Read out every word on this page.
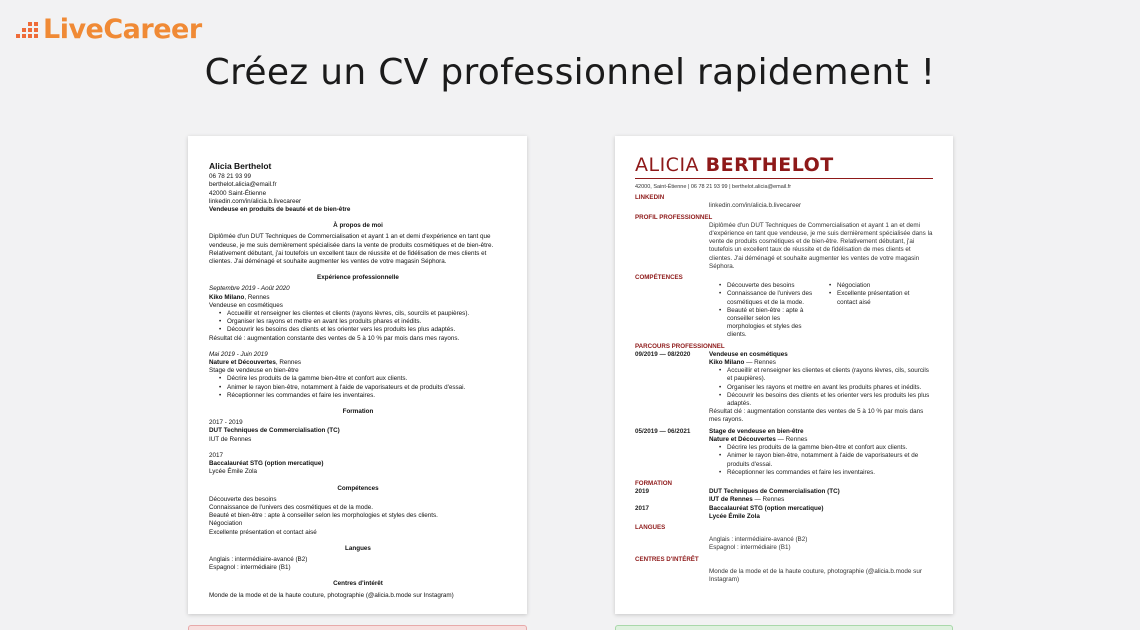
LiveCareer
Créez un CV professionnel rapidement !
Alicia Berthelot
06 78 21 93 99
berthelot.alicia@email.fr
42000 Saint-Étienne
linkedin.com/in/alicia.b.livecareer
Vendeuse en produits de beauté et de bien-être
À propos de moi
Diplômée d'un DUT Techniques de Commercialisation et ayant 1 an et demi d'expérience en tant que vendeuse, je me suis dernièrement spécialisée dans la vente de produits cosmétiques et de bien-être. Relativement débutant, j'ai toutefois un excellent taux de réussite et de fidélisation de mes clients et clientes. J'ai déménagé et souhaite augmenter les ventes de votre magasin Séphora.
Expérience professionnelle
Septembre 2019 - Août 2020
Kiko Milano, Rennes
Vendeuse en cosmétiques
• Accueillir et renseigner les clientes et clients (rayons lèvres, cils, sourcils et paupières).
• Organiser les rayons et mettre en avant les produits phares et inédits.
• Découvrir les besoins des clients et les orienter vers les produits les plus adaptés.
Résultat clé : augmentation constante des ventes de 5 à 10 % par mois dans mes rayons.
Mai 2019 - Juin 2019
Nature et Découvertes, Rennes
Stage de vendeuse en bien-être
• Décrire les produits de la gamme bien-être et confort aux clients.
• Animer le rayon bien-être, notamment à l'aide de vaporisateurs et de produits d'essai.
• Réceptionner les commandes et faire les inventaires.
Formation
2017 - 2019
DUT Techniques de Commercialisation (TC)
IUT de Rennes
2017
Baccalauréat STG (option mercatique)
Lycée Émile Zola
Compétences
Découverte des besoins
Connaissance de l'univers des cosmétiques et de la mode.
Beauté et bien-être : apte à conseiller selon les morphologies et styles des clients.
Négociation
Excellente présentation et contact aisé
Langues
Anglais : intermédiaire-avancé (B2)
Espagnol : intermédiaire (B1)
Centres d'intérêt
Monde de la mode et de la haute couture, photographie (@alicia.b.mode sur Instagram)
ALICIA BERTHELOT
42000, Saint-Étienne | 06 78 21 93 99 | berthelot.alicia@email.fr
LINKEDIN
linkedin.com/in/alicia.b.livecareer
PROFIL PROFESSIONNEL
Diplômée d'un DUT Techniques de Commercialisation et ayant 1 an et demi d'expérience en tant que vendeuse, je me suis dernièrement spécialisée dans la vente de produits cosmétiques et de bien-être. Relativement débutant, j'ai toutefois un excellent taux de réussite et de fidélisation de mes clients et clientes. J'ai déménagé et souhaite augmenter les ventes de votre magasin Séphora.
COMPÉTENCES
• Découverte des besoins
• Connaissance de l'univers des cosmétiques et de la mode.
• Beauté et bien-être : apte à conseiller selon les morphologies et styles des clients.
• Négociation
• Excellente présentation et contact aisé
PARCOURS PROFESSIONNEL
09/2019 — 08/2020	Vendeuse en cosmétiques
Kiko Milano — Rennes
• Accueillir et renseigner les clientes et clients (rayons lèvres, cils, sourcils et paupières).
• Organiser les rayons et mettre en avant les produits phares et inédits.
• Découvrir les besoins des clients et les orienter vers les produits les plus adaptés.
Résultat clé : augmentation constante des ventes de 5 à 10 % par mois dans mes rayons.
05/2019 — 06/2021	Stage de vendeuse en bien-être
Nature et Découvertes — Rennes
• Décrire les produits de la gamme bien-être et confort aux clients.
• Animer le rayon bien-être, notamment à l'aide de vaporisateurs et de produits d'essai.
• Réceptionner les commandes et faire les inventaires.
FORMATION
2019	DUT Techniques de Commercialisation (TC)
IUT de Rennes — Rennes
2017	Baccalauréat STG (option mercatique)
Lycée Émile Zola
LANGUES
Anglais : intermédiaire-avancé (B2)
Espagnol : intermédiaire (B1)
CENTRES D'INTÉRÊT
Monde de la mode et de la haute couture, photographie (@alicia.b.mode sur Instagram)
